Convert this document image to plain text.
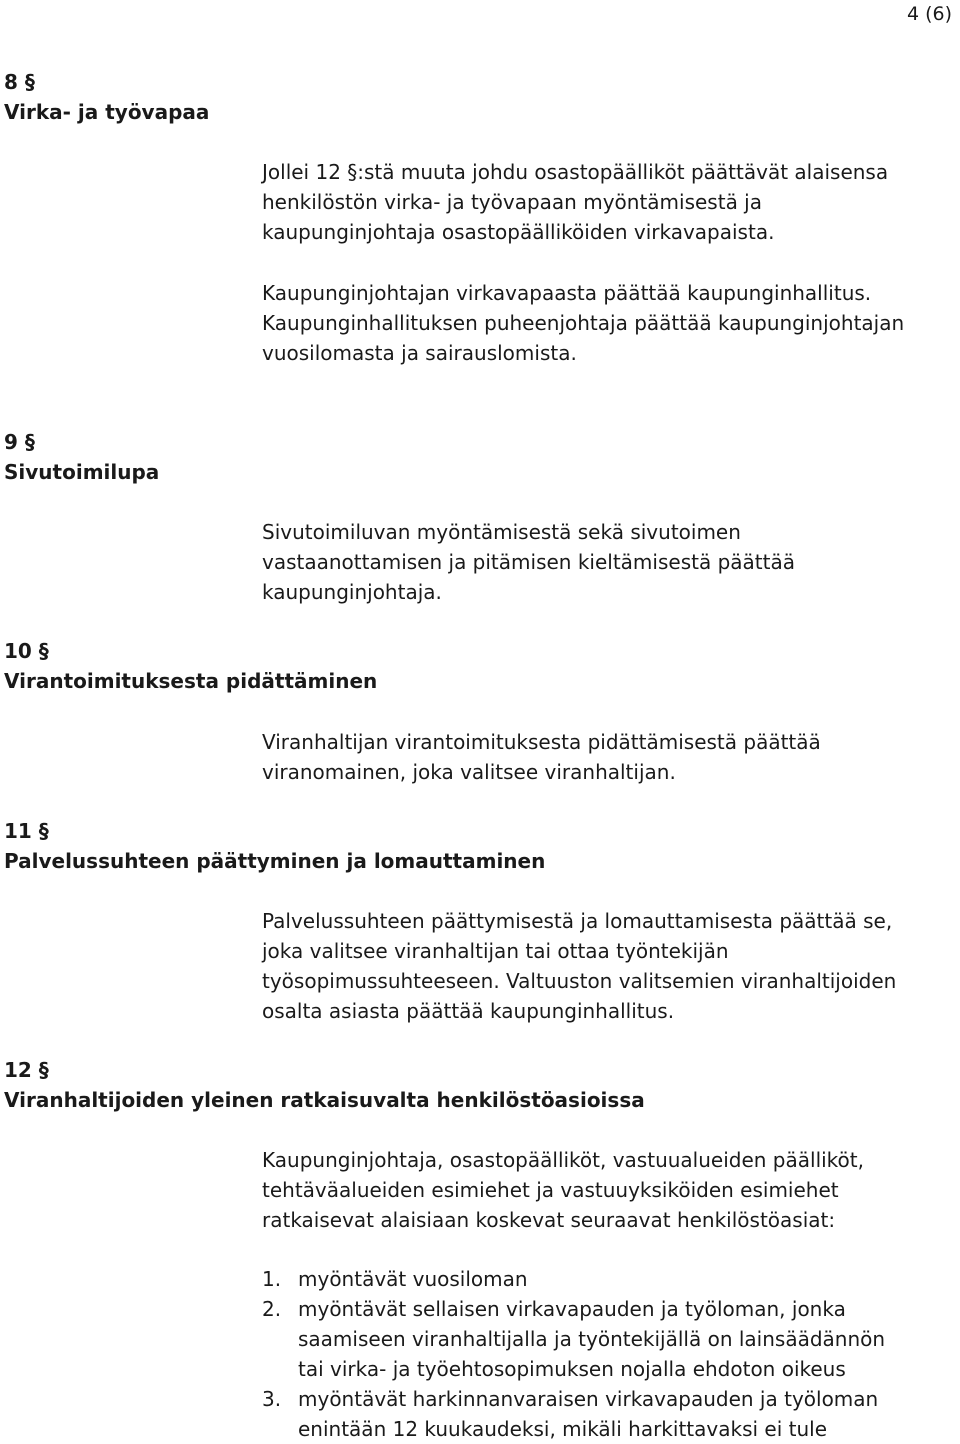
4 (6)
8 §
Virka- ja työvapaa
Jollei 12 §:stä muuta johdu osastopäälliköt päättävät alaisensa
henkilöstön virka- ja työvapaan myöntämisestä ja
kaupunginjohtaja osastopäälliköiden virkavapaista.
Kaupunginjohtajan virkavapaasta päättää kaupunginhallitus.
Kaupunginhallituksen puheenjohtaja päättää kaupunginjohtajan
vuosilomasta ja sairauslomista.
9 §
Sivutoimilupa
Sivutoimiluvan myöntämisestä sekä sivutoimen
vastaanottamisen ja pitämisen kieltämisestä päättää
kaupunginjohtaja.
10 §
Virantoimituksesta pidättäminen
Viranhaltijan virantoimituksesta pidättämisestä päättää
viranomainen, joka valitsee viranhaltijan.
11 §
Palvelussuhteen päättyminen ja lomauttaminen
Palvelussuhteen päättymisestä ja lomauttamisesta päättää se,
joka valitsee viranhaltijan tai ottaa työntekijän
työsopimussuhteeseen. Valtuuston valitsemien viranhaltijoiden
osalta asiasta päättää kaupunginhallitus.
12 §
Viranhaltijoiden yleinen ratkaisuvalta henkilöstöasioissa
Kaupunginjohtaja, osastopäälliköt, vastuualueiden päälliköt,
tehtäväalueiden esimiehet ja vastuuyksiköiden esimiehet
ratkaisevat alaisiaan koskevat seuraavat henkilöstöasiat:
1. myöntävät vuosiloman
2. myöntävät sellaisen virkavapauden ja työloman, jonka
saamiseen viranhaltijalla ja työntekijällä on lainsäädännön
tai virka- ja työehtosopimuksen nojalla ehdoton oikeus
3. myöntävät harkinnanvaraisen virkavapauden ja työloman
enintään 12 kuukaudeksi, mikäli harkittavaksi ei tule
